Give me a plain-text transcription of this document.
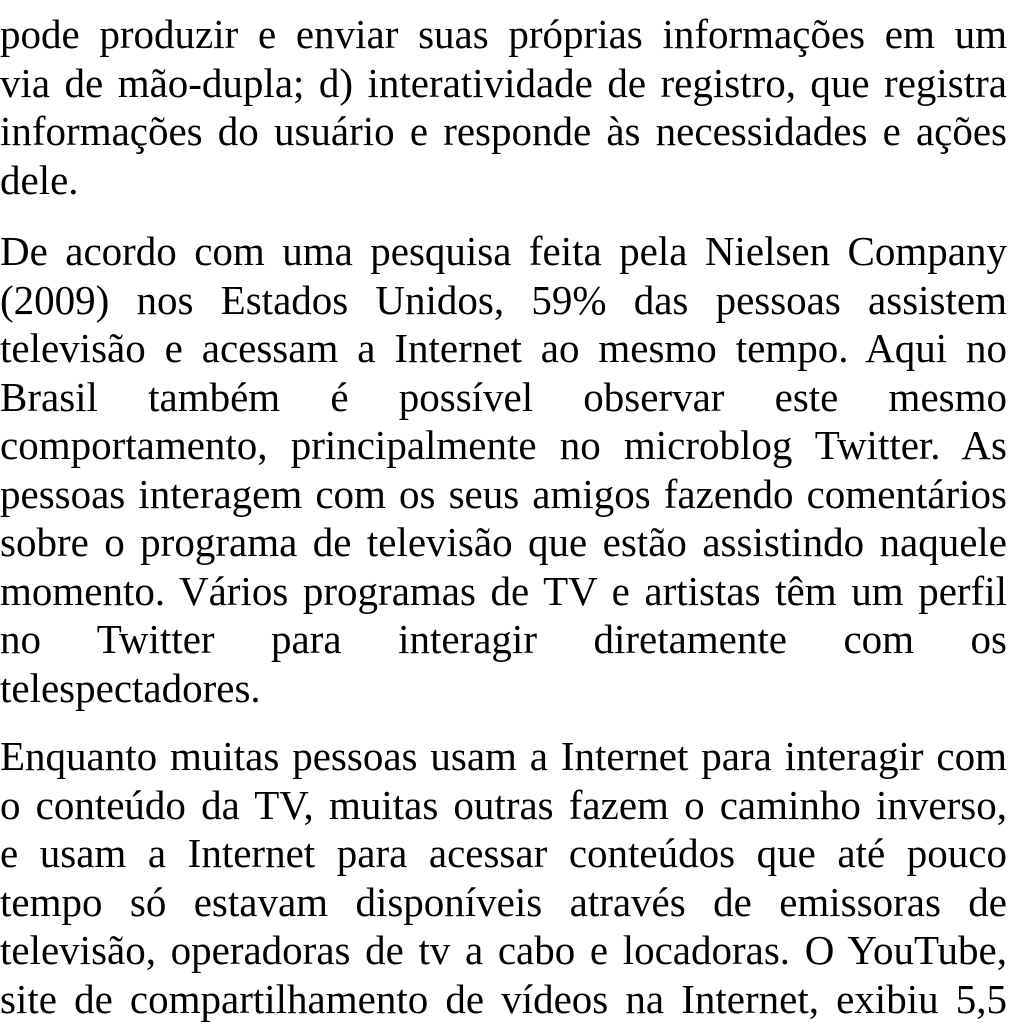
pode produzir e enviar suas próprias informações em um
via de mão-dupla; d) interatividade de registro, que registra
informações do usuário e responde às necessidades e ações
dele.
De acordo com uma pesquisa feita pela Nielsen Company
(2009) nos Estados Unidos, 59% das pessoas assistem
televisão e acessam a Internet ao mesmo tempo. Aqui no
Brasil também é possível observar este mesmo
comportamento, principalmente no microblog Twitter. As
pessoas interagem com os seus amigos fazendo comentários
sobre o programa de televisão que estão assistindo naquele
momento. Vários programas de TV e artistas têm um perfil
no Twitter para interagir diretamente com os
telespectadores.
Enquanto muitas pessoas usam a Internet para interagir com
o conteúdo da TV, muitas outras fazem o caminho inverso,
e usam a Internet para acessar conteúdos que até pouco
tempo só estavam disponíveis através de emissoras de
televisão, operadoras de tv a cabo e locadoras. O YouTube,
site de compartilhamento de vídeos na Internet, exibiu 5,5
